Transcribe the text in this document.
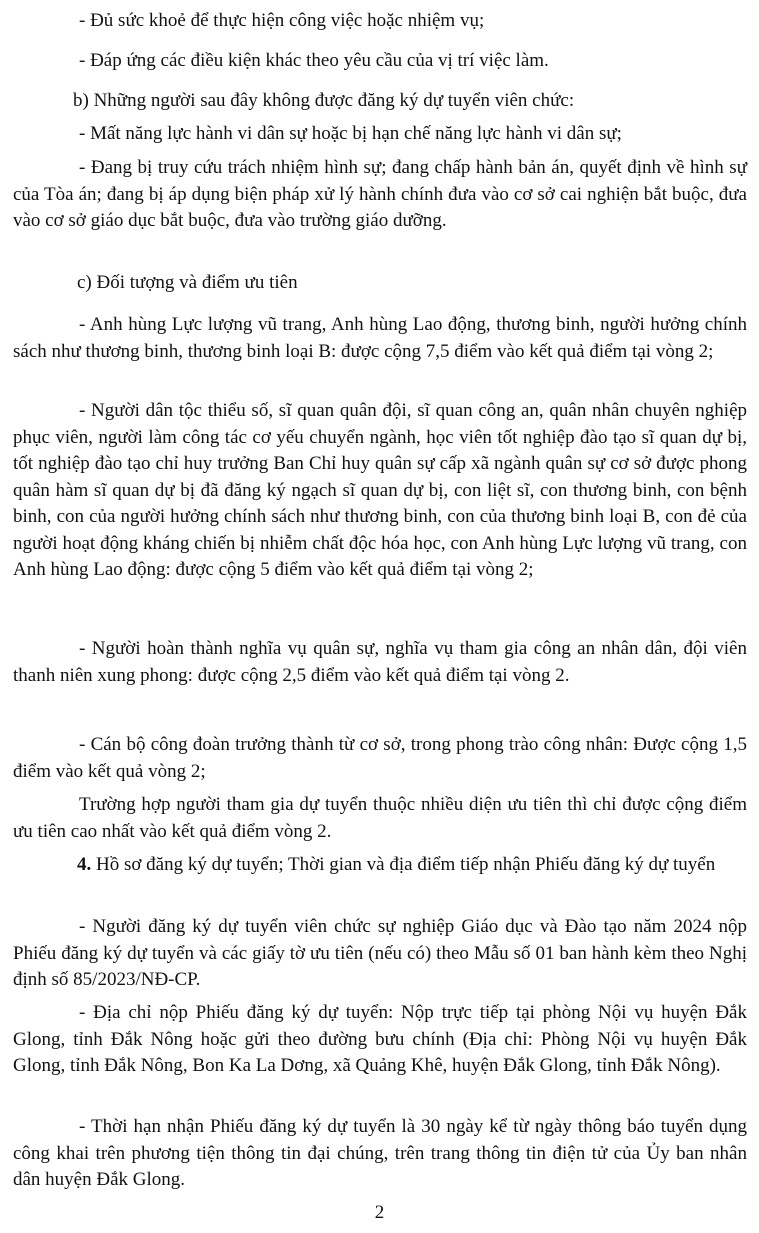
- Đủ sức khoẻ để thực hiện công việc hoặc nhiệm vụ;

- Đáp ứng các điều kiện khác theo yêu cầu của vị trí việc làm.

b) Những người sau đây không được đăng ký dự tuyển viên chức:

- Mất năng lực hành vi dân sự hoặc bị hạn chế năng lực hành vi dân sự;

- Đang bị truy cứu trách nhiệm hình sự; đang chấp hành bản án, quyết định về hình sự của Tòa án; đang bị áp dụng biện pháp xử lý hành chính đưa vào cơ sở cai nghiện bắt buộc, đưa vào cơ sở giáo dục bắt buộc, đưa vào trường giáo dưỡng.

c) Đối tượng và điểm ưu tiên

- Anh hùng Lực lượng vũ trang, Anh hùng Lao động, thương binh, người hưởng chính sách như thương binh, thương binh loại B: được cộng 7,5 điểm vào kết quả điểm tại vòng 2;

- Người dân tộc thiểu số, sĩ quan quân đội, sĩ quan công an, quân nhân chuyên nghiệp phục viên, người làm công tác cơ yếu chuyển ngành, học viên tốt nghiệp đào tạo sĩ quan dự bị, tốt nghiệp đào tạo chỉ huy trưởng Ban Chỉ huy quân sự cấp xã ngành quân sự cơ sở được phong quân hàm sĩ quan dự bị đã đăng ký ngạch sĩ quan dự bị, con liệt sĩ, con thương binh, con bệnh binh, con của người hưởng chính sách như thương binh, con của thương binh loại B, con đẻ của người hoạt động kháng chiến bị nhiễm chất độc hóa học, con Anh hùng Lực lượng vũ trang, con Anh hùng Lao động: được cộng 5 điểm vào kết quả điểm tại vòng 2;

- Người hoàn thành nghĩa vụ quân sự, nghĩa vụ tham gia công an nhân dân, đội viên thanh niên xung phong: được cộng 2,5 điểm vào kết quả điểm tại vòng 2.

- Cán bộ công đoàn trưởng thành từ cơ sở, trong phong trào công nhân: Được cộng 1,5 điểm vào kết quả vòng 2;

Trường hợp người tham gia dự tuyển thuộc nhiều diện ưu tiên thì chỉ được cộng điểm ưu tiên cao nhất vào kết quả điểm vòng 2.

4. Hồ sơ đăng ký dự tuyển; Thời gian và địa điểm tiếp nhận Phiếu đăng ký dự tuyển

- Người đăng ký dự tuyển viên chức sự nghiệp Giáo dục và Đào tạo năm 2024 nộp Phiếu đăng ký dự tuyển và các giấy tờ ưu tiên (nếu có) theo Mẫu số 01 ban hành kèm theo Nghị định số 85/2023/NĐ-CP.

- Địa chỉ nộp Phiếu đăng ký dự tuyển: Nộp trực tiếp tại phòng Nội vụ huyện Đắk Glong, tỉnh Đắk Nông hoặc gửi theo đường bưu chính (Địa chỉ: Phòng Nội vụ huyện Đắk Glong, tỉnh Đắk Nông, Bon Ka La Dơng, xã Quảng Khê, huyện Đắk Glong, tỉnh Đắk Nông).

- Thời hạn nhận Phiếu đăng ký dự tuyển là 30 ngày kể từ ngày thông báo tuyển dụng công khai trên phương tiện thông tin đại chúng, trên trang thông tin điện tử của Ủy ban nhân dân huyện Đắk Glong.

2
